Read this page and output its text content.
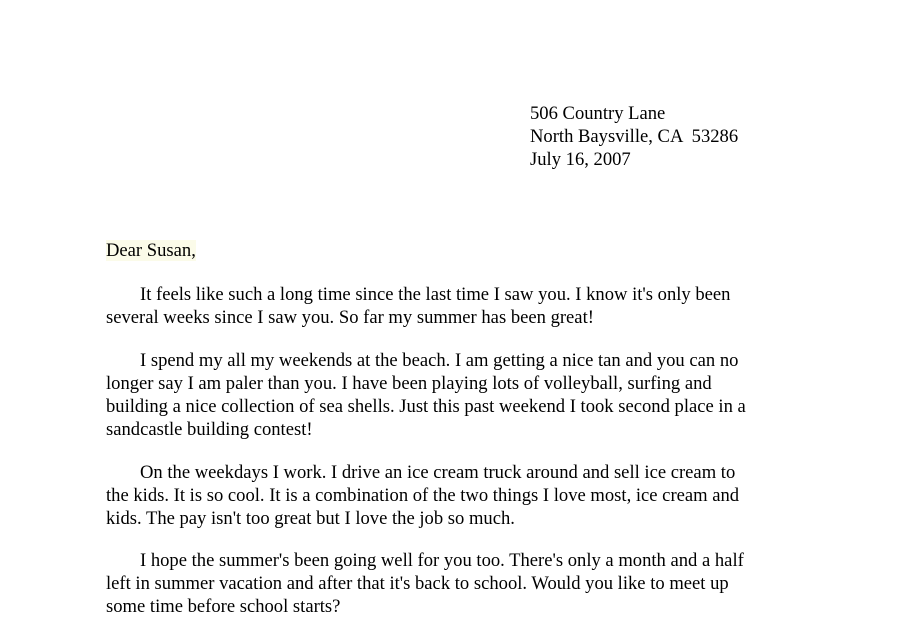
506 Country Lane
North Baysville, CA  53286
July 16, 2007
Dear Susan,
It feels like such a long time since the last time I saw you. I know it's only been
several weeks since I saw you. So far my summer has been great!
I spend my all my weekends at the beach. I am getting a nice tan and you can no
longer say I am paler than you. I have been playing lots of volleyball, surfing and
building a nice collection of sea shells. Just this past weekend I took second place in a
sandcastle building contest!
On the weekdays I work. I drive an ice cream truck around and sell ice cream to
the kids. It is so cool. It is a combination of the two things I love most, ice cream and
kids. The pay isn't too great but I love the job so much.
I hope the summer's been going well for you too. There's only a month and a half
left in summer vacation and after that it's back to school. Would you like to meet up
some time before school starts?
